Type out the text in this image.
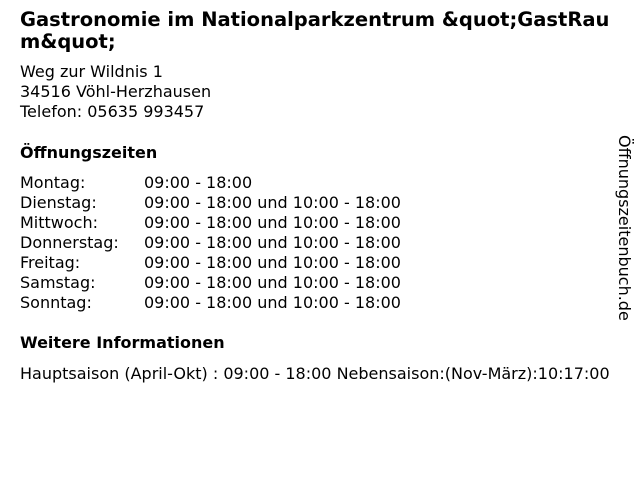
Gastronomie im Nationalparkzentrum &quot;GastRaum&quot;
Weg zur Wildnis 1
34516 Vöhl-Herzhausen
Telefon: 05635 993457
Öffnungszeiten
Montag:	09:00 - 18:00
Dienstag:	09:00 - 18:00 und 10:00 - 18:00
Mittwoch:	09:00 - 18:00 und 10:00 - 18:00
Donnerstag:	09:00 - 18:00 und 10:00 - 18:00
Freitag:	09:00 - 18:00 und 10:00 - 18:00
Samstag:	09:00 - 18:00 und 10:00 - 18:00
Sonntag:	09:00 - 18:00 und 10:00 - 18:00
Weitere Informationen
Hauptsaison (April-Okt) : 09:00 - 18:00 Nebensaison:(Nov-März):10:17:00
Öffnungszeitenbuch.de
